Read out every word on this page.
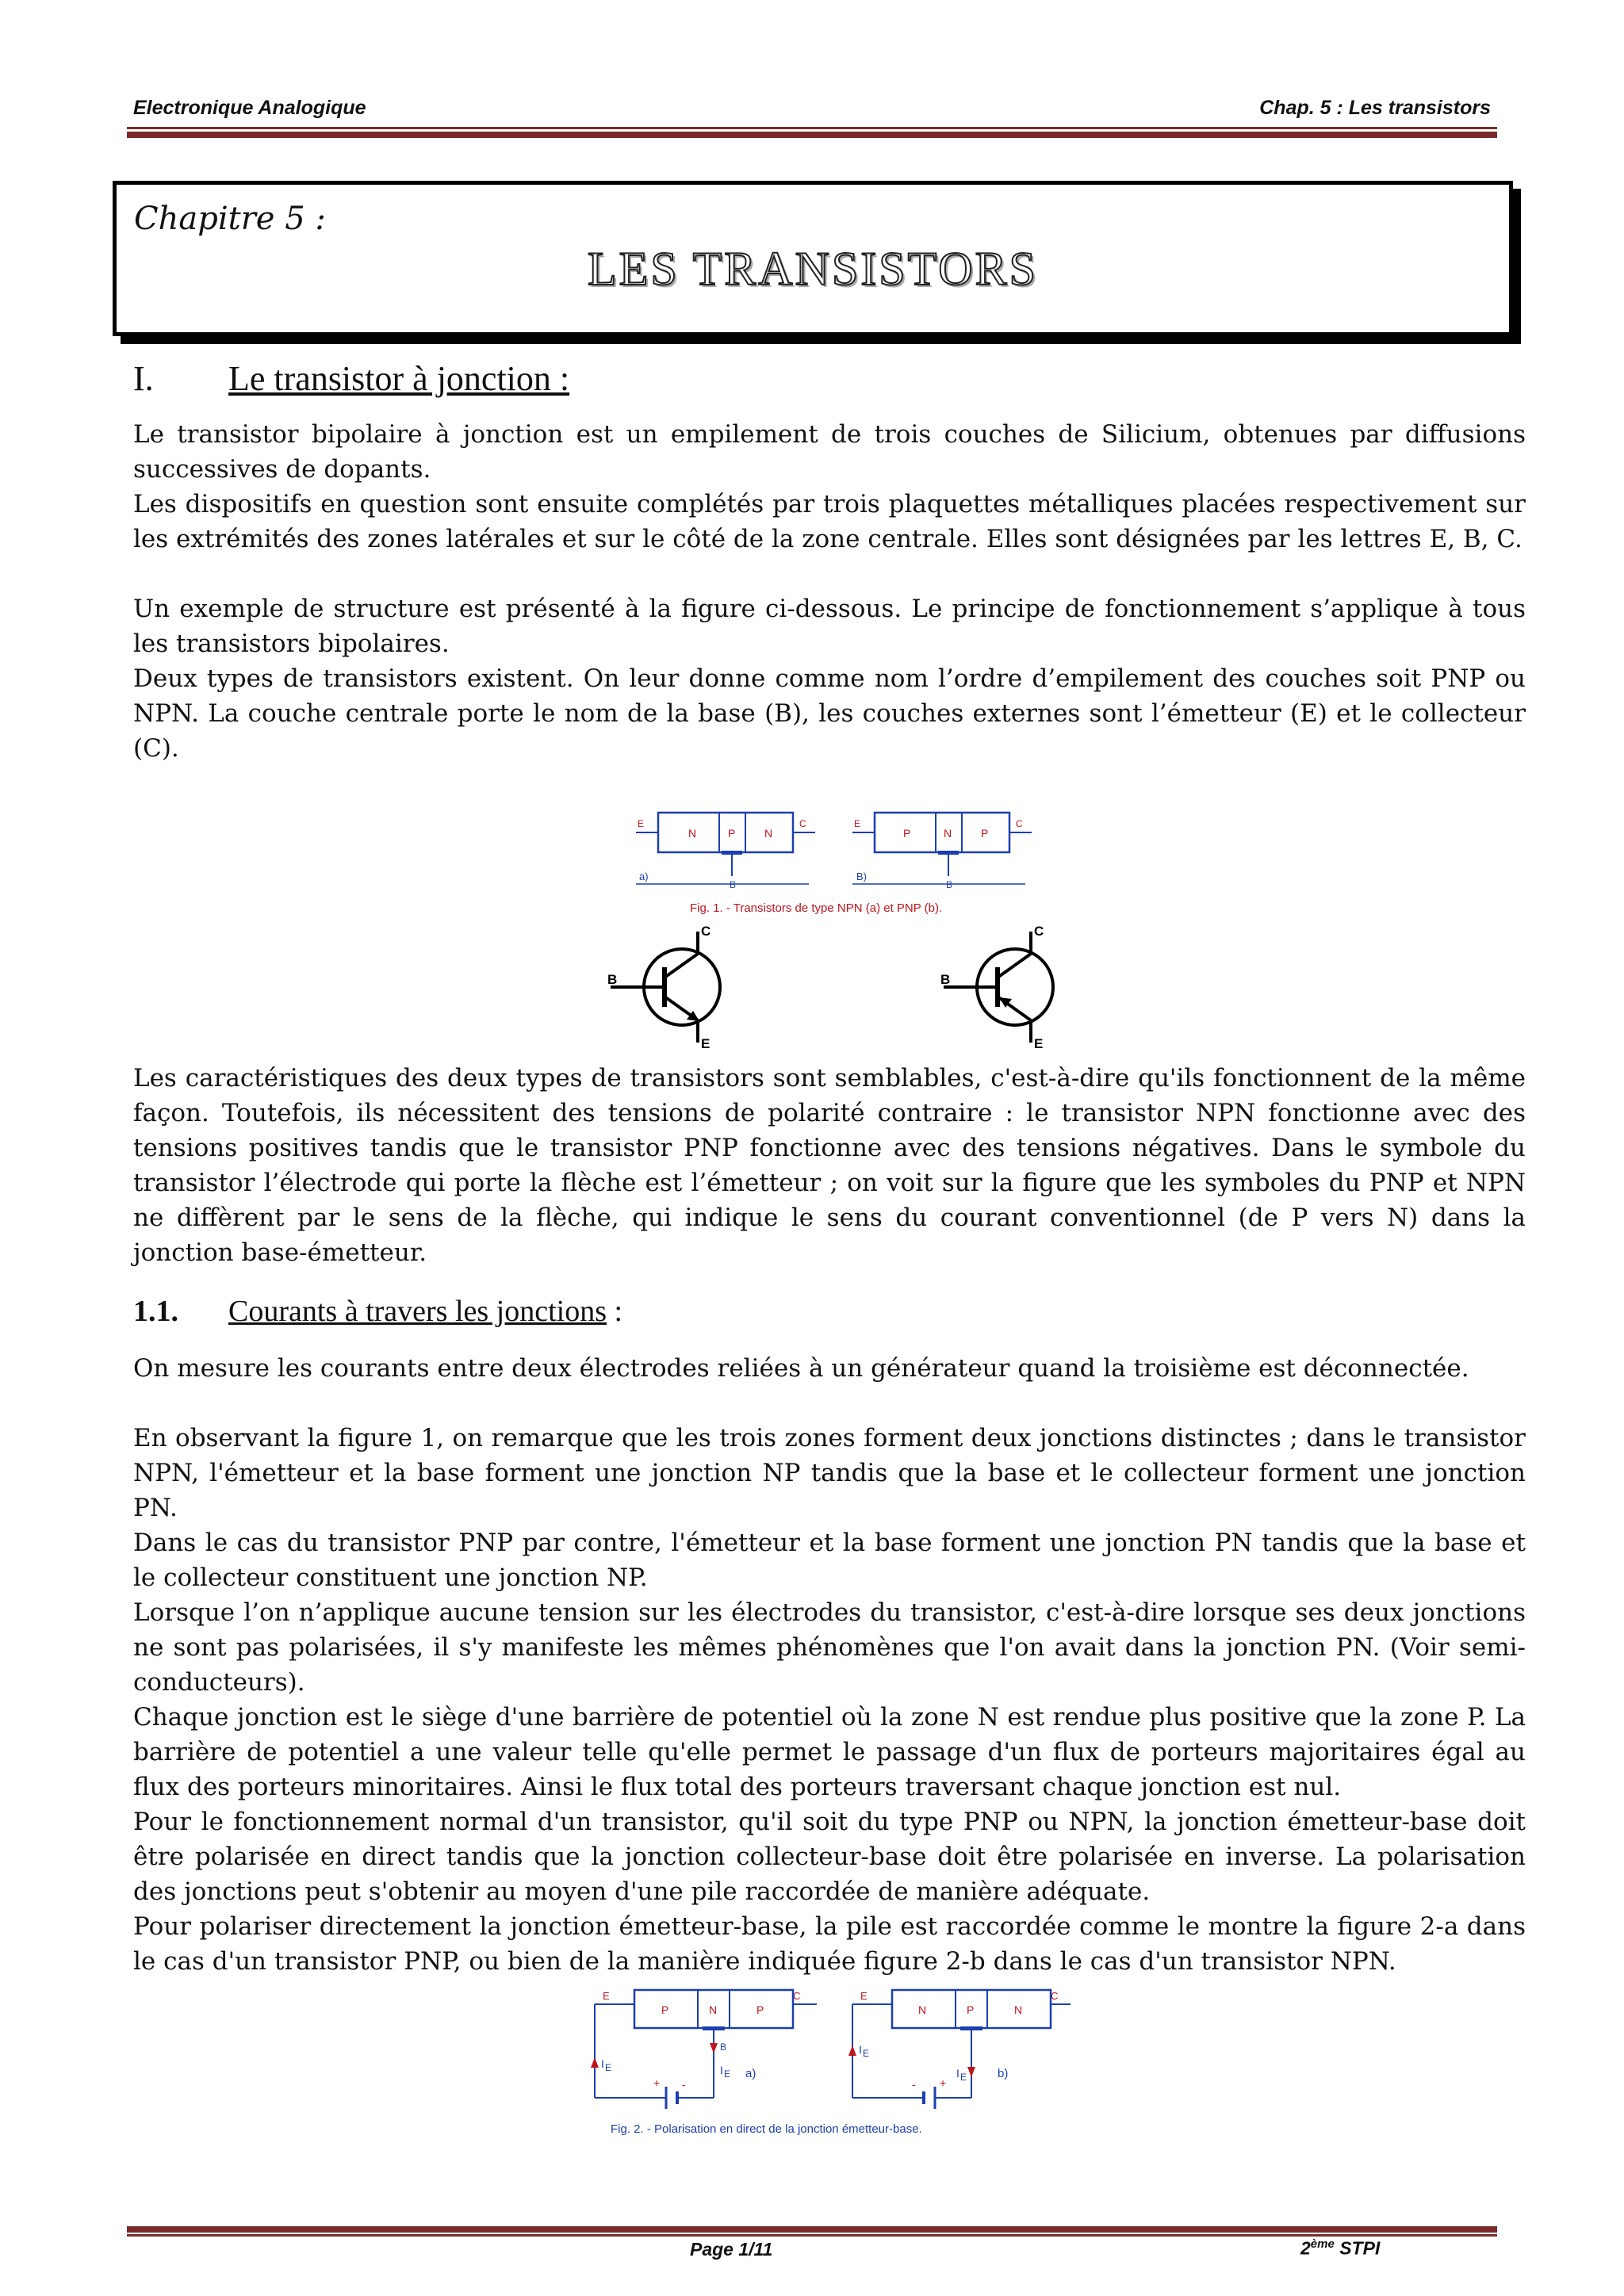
Electronique Analogique	Chap. 5 : Les transistors
Chapitre 5 :
LES TRANSISTORS
I. Le transistor à jonction :

Le transistor bipolaire à jonction est un empilement de trois couches de Silicium, obtenues par diffusions successives de dopants.

Les dispositifs en question sont ensuite complétés par trois plaquettes métalliques placées respectivement sur les extrémités des zones latérales et sur le côté de la zone centrale. Elles sont désignées par les lettres E, B, C.

Un exemple de structure est présenté à la figure ci-dessous. Le principe de fonctionnement s’applique à tous les transistors bipolaires.

Deux types de transistors existent. On leur donne comme nom l’ordre d’empilement des couches soit PNP ou NPN. La couche centrale porte le nom de la base (B), les couches externes sont l’émetteur (E) et le collecteur (C).

N	P	N
E	C
B
a)
P	N	P
E	C
B
B)
Fig. 1. - Transistors de type NPN (a) et PNP (b).
B
C
E
B
C
E

Les caractéristiques des deux types de transistors sont semblables, c'est-à-dire qu'ils fonctionnent de la même façon. Toutefois, ils nécessitent des tensions de polarité contraire : le transistor NPN fonctionne avec des tensions positives tandis que le transistor PNP fonctionne avec des tensions négatives. Dans le symbole du transistor l’électrode qui porte la flèche est l’émetteur ; on voit sur la figure que les symboles du PNP et NPN ne diffèrent par le sens de la flèche, qui indique le sens du courant conventionnel (de P vers N) dans la jonction base-émetteur.

1.1. Courants à travers les jonctions :

On mesure les courants entre deux électrodes reliées à un générateur quand la troisième est déconnectée.

En observant la figure 1, on remarque que les trois zones forment deux jonctions distinctes ; dans le transistor NPN, l'émetteur et la base forment une jonction NP tandis que la base et le collecteur forment une jonction PN.

Dans le cas du transistor PNP par contre, l'émetteur et la base forment une jonction PN tandis que la base et le collecteur constituent une jonction NP.

Lorsque l’on n’applique aucune tension sur les électrodes du transistor, c'est-à-dire lorsque ses deux jonctions ne sont pas polarisées, il s'y manifeste les mêmes phénomènes que l'on avait dans la jonction PN. (Voir semi-conducteurs).

Chaque jonction est le siège d'une barrière de potentiel où la zone N est rendue plus positive que la zone P. La barrière de potentiel a une valeur telle qu'elle permet le passage d'un flux de porteurs majoritaires égal au flux des porteurs minoritaires. Ainsi le flux total des porteurs traversant chaque jonction est nul.

Pour le fonctionnement normal d'un transistor, qu'il soit du type PNP ou NPN, la jonction émetteur-base doit être polarisée en direct tandis que la jonction collecteur-base doit être polarisée en inverse. La polarisation des jonctions peut s'obtenir au moyen d'une pile raccordée de manière adéquate.

Pour polariser directement la jonction émetteur-base, la pile est raccordée comme le montre la figure 2-a dans le cas d'un transistor PNP, ou bien de la manière indiquée figure 2-b dans le cas d'un transistor NPN.

E	C
P	N	P
I E
B
I E
+ -
a)
E	C
N	P	N
I E
I E
- +
b)
Fig. 2. - Polarisation en direct de la jonction émetteur-base.
Page 1/11	2ème STPI
